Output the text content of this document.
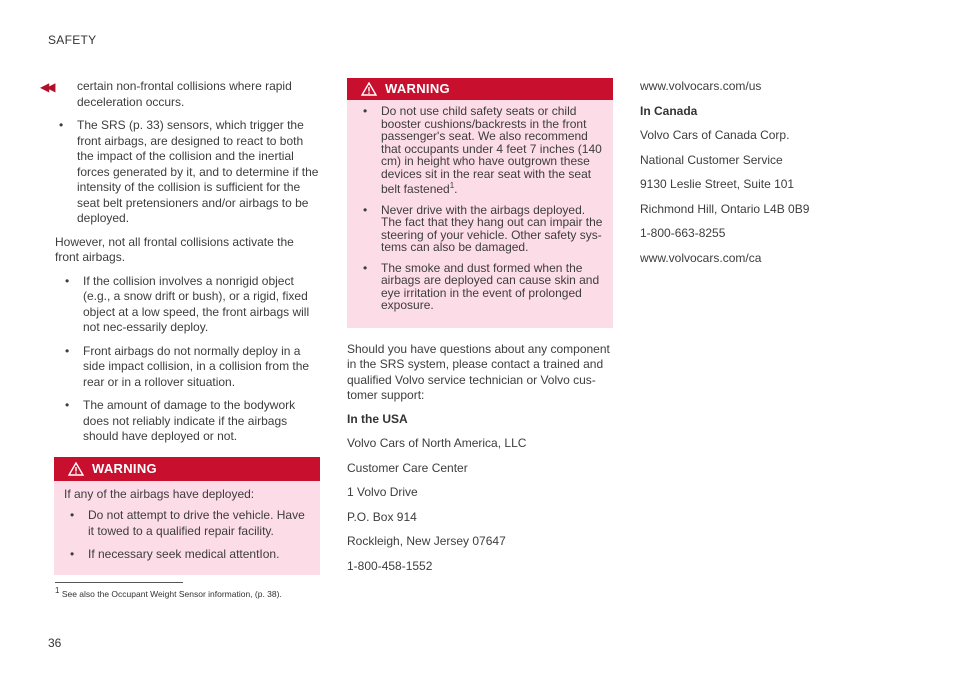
SAFETY
◀◀	certain non-frontal collisions where rapid deceleration occurs.
• The SRS (p. 33) sensors, which trigger the front airbags, are designed to react to both the impact of the collision and the inertial forces generated by it, and to determine if the intensity of the collision is sufficient for the seat belt pretensioners and/or airbags to be deployed.

However, not all frontal collisions activate the front airbags.

• If the collision involves a nonrigid object (e.g., a snow drift or bush), or a rigid, fixed object at a low speed, the front airbags will not nec-essarily deploy.
• Front airbags do not normally deploy in a side impact collision, in a collision from the rear or in a rollover situation.
• The amount of damage to the bodywork does not reliably indicate if the airbags should have deployed or not.
WARNING

If any of the airbags have deployed:

• Do not attempt to drive the vehicle. Have it towed to a qualified repair facility.
• If necessary seek medical attentIon.
WARNING
• Do not use child safety seats or child booster cushions/backrests in the front passenger's seat. We also recommend that occupants under 4 feet 7 inches (140 cm) in height who have outgrown these devices sit in the rear seat with the seat belt fastened$^1$.
• Never drive with the airbags deployed. The fact that they hang out can impair the steering of your vehicle. Other safety sys-tems can also be damaged.
• The smoke and dust formed when the airbags are deployed can cause skin and eye irritation in the event of prolonged exposure.

Should you have questions about any component in the SRS system, please contact a trained and qualified Volvo service technician or Volvo cus-tomer support:

In the USA

Volvo Cars of North America, LLC

Customer Care Center

1 Volvo Drive

P.O. Box 914

Rockleigh, New Jersey 07647

1-800-458-1552

www.volvocars.com/us

In Canada

Volvo Cars of Canada Corp.

National Customer Service

9130 Leslie Street, Suite 101

Richmond Hill, Ontario L4B 0B9

1-800-663-8255

www.volvocars.com/ca

$^1$ See also the Occupant Weight Sensor information, (p. 38).
36
